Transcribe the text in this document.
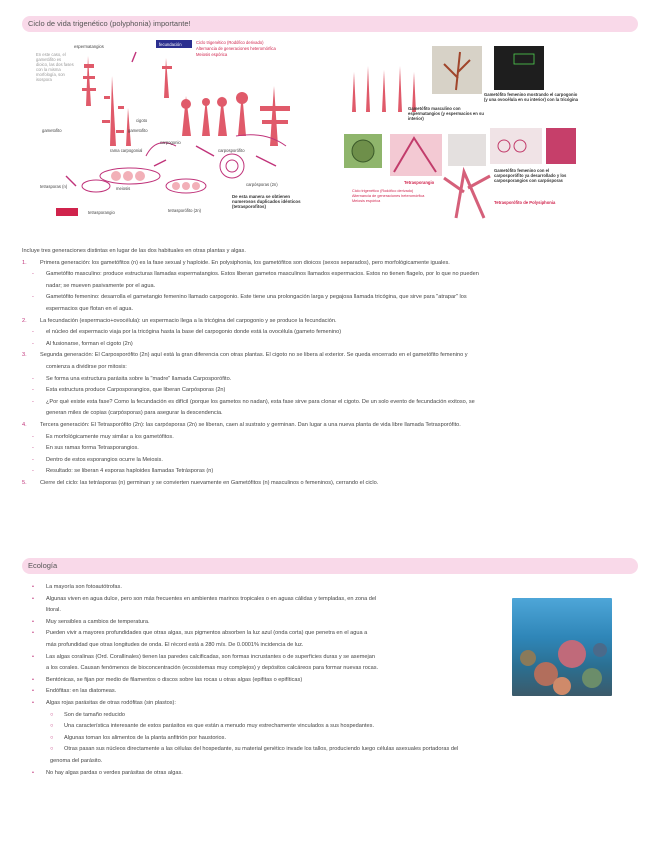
Ciclo de vida trigenético (polyphonia) importante!
fecundación
espermatangios
Ciclo trigenético (Rodófico derivado)
Alternancia de generaciones heteromórfica
Meiosis espórica
gametofito	gametofito
rama carpogonial
cigoto
carpogonio
carposporófito
tetrasporas (n)	meiosis
tetrasporangio	tetrasporófito (2n)
carpósporas (2n)
En este caso, el gametófito es dioico, las dos fases con la misma morfología, son isospora
De esta manera se obtienen numerosos duplicados idénticos (tetrasporofitos)
Gametófito femenino mostrando el carpogonio (y una ovocélula en su interior) con la tricógina
Gametófito masculino con espermatangios (y espermacios en su interior)
Gametófito femenino con el carposporófito ya desarrollado y los carposporangios con carpósporas
Tetrasporangio
Tetrasporófito de Polysiphonia
Ciclo trigenético (Rodófico derivado)
Alternancia de generaciones heteromórfica
Meiosis espórica
Incluye tres generaciones distintas en lugar de las dos habituales en otras plantas y algas.
1. Primera generación: los gametófitos (n) es la fase sexual y haploide. En polysiphonia, los gametófitos son dioicos (sexos separados), pero morfológicamente iguales.
- Gametófito masculino: produce estructuras llamadas espermatangios. Estos liberan gametos masculinos llamados espermacios. Estos no tienen flagelo, por lo que no pueden
nadar; se mueven pasivamente por el agua.
- Gametófito femenino: desarrolla el gametangio femenino llamado carpogonio. Este tiene una prolongación larga y pegajosa llamada tricógina, que sirve para "atrapar" los
espermacios que flotan en el agua.
2. La fecundación (espermacio+ovocélula): un espermacio llega a la tricógina del carpogonio y se produce la fecundación.
- el núcleo del espermacio viaja por la tricógina hasta la base del carpogonio donde está la ovocélula (gameto femenino)
- Al fusionarse, forman el cigoto (2n)
3. Segunda generación: El Carposporófito (2n) aquí está la gran diferencia con otras plantas. El cigoto no se libera al exterior. Se queda encerrado en el gametófito femenino y
comienza a dividirse por mitosis:
- Se forma una estructura parásita sobre la "madre" llamada Carposporófito.
- Esta estructura produce Carposporangios, que liberan Carpósporas (2n)
- ¿Por qué existe esta fase? Como la fecundación es difícil (porque los gametos no nadan), esta fase sirve para clonar el cigoto. De un solo evento de fecundación exitoso, se
generan miles de copias (carpósporas) para asegurar la descendencia.
4. Tercera generación: El Tetrasporófito (2n): las carpósporas (2n) se liberan, caen al sustrato y germinan. Dan lugar a una nueva planta de vida libre llamada Tetrasporófito.
- Es morfológicamente muy similar a los gametófitos.
- En sus ramas forma Tetrasporangios.
- Dentro de estos esporangios ocurre la Meiosis.
- Resultado: se liberan 4 esporas haploides llamadas Tetrásporas (n)
5. Cierre del ciclo: las tetrásporas (n) germinan y se convierten nuevamente en Gametófitos (n) masculinos o femeninos), cerrando el ciclo.
Ecología
• La mayoría son fotoautótrofas.
• Algunas viven en agua dulce, pero son más frecuentes en ambientes marinos tropicales o en aguas cálidas y templadas, en zona del
litoral.
• Muy sensibles a cambios de temperatura.
• Pueden vivir a mayores profundidades que otras algas, sus pigmentos absorben la luz azul (onda corta) que penetra en el agua a
más profundidad que otras longitudes de onda. El récord está a 280 m/s. De 0.0001% incidencia de luz.
• Las algas coralinas (Ord. Corallinales) tienen las paredes calcificadas, son formas incrustantes o de superficies duras y se asemejan
a los corales. Causan fenómenos de bioconcentración (ecosistemas muy complejos) y depósitos calcáreos para formar nuevas rocas.
• Bentónicas, se fijan por medio de filamentos o discos sobre las rocas u otras algas (epifitas o epifíticas)
• Endófitas: en las diatomeas.
• Algas rojas parásitas de otras rodófitas (sin plastos):
○ Son de tamaño reducido
○ Una característica interesante de estos parásitos es que están a menudo muy estrechamente vinculados a sus hospedantes.
○ Algunas toman los alimentos de la planta anfitrión por haustorios.
○ Otras pasan sus núcleos directamente a las células del hospedante, su material genético invade los tallos, produciendo luego células asexuales portadoras del
genoma del parásito.
• No hay algas pardas o verdes parásitas de otras algas.
